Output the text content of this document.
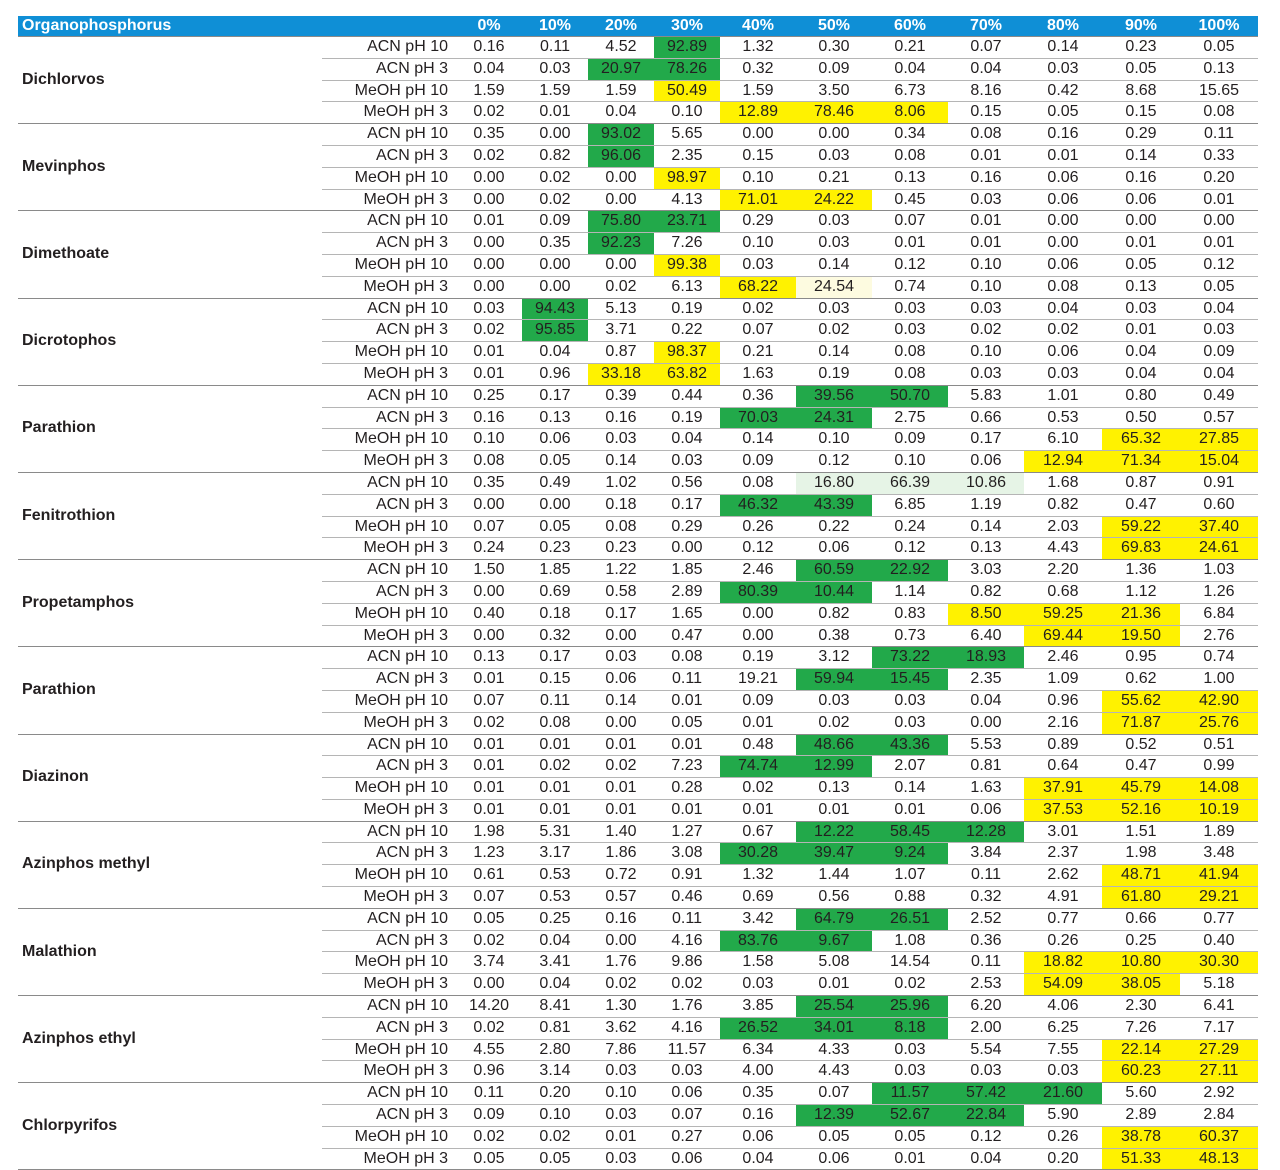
Organophosphorus		0%	10%	20%	30%	40%	50%	60%	70%	80%	90%	100%
Dichlorvos	ACN pH 10	0.16	0.11	4.52	92.89	1.32	0.30	0.21	0.07	0.14	0.23	0.05
	ACN pH 3	0.04	0.03	20.97	78.26	0.32	0.09	0.04	0.04	0.03	0.05	0.13
	MeOH pH 10	1.59	1.59	1.59	50.49	1.59	3.50	6.73	8.16	0.42	8.68	15.65
	MeOH pH 3	0.02	0.01	0.04	0.10	12.89	78.46	8.06	0.15	0.05	0.15	0.08
Mevinphos	ACN pH 10	0.35	0.00	93.02	5.65	0.00	0.00	0.34	0.08	0.16	0.29	0.11
	ACN pH 3	0.02	0.82	96.06	2.35	0.15	0.03	0.08	0.01	0.01	0.14	0.33
	MeOH pH 10	0.00	0.02	0.00	98.97	0.10	0.21	0.13	0.16	0.06	0.16	0.20
	MeOH pH 3	0.00	0.02	0.00	4.13	71.01	24.22	0.45	0.03	0.06	0.06	0.01
Dimethoate	ACN pH 10	0.01	0.09	75.80	23.71	0.29	0.03	0.07	0.01	0.00	0.00	0.00
	ACN pH 3	0.00	0.35	92.23	7.26	0.10	0.03	0.01	0.01	0.00	0.01	0.01
	MeOH pH 10	0.00	0.00	0.00	99.38	0.03	0.14	0.12	0.10	0.06	0.05	0.12
	MeOH pH 3	0.00	0.00	0.02	6.13	68.22	24.54	0.74	0.10	0.08	0.13	0.05
Dicrotophos	ACN pH 10	0.03	94.43	5.13	0.19	0.02	0.03	0.03	0.03	0.04	0.03	0.04
	ACN pH 3	0.02	95.85	3.71	0.22	0.07	0.02	0.03	0.02	0.02	0.01	0.03
	MeOH pH 10	0.01	0.04	0.87	98.37	0.21	0.14	0.08	0.10	0.06	0.04	0.09
	MeOH pH 3	0.01	0.96	33.18	63.82	1.63	0.19	0.08	0.03	0.03	0.04	0.04
Parathion	ACN pH 10	0.25	0.17	0.39	0.44	0.36	39.56	50.70	5.83	1.01	0.80	0.49
	ACN pH 3	0.16	0.13	0.16	0.19	70.03	24.31	2.75	0.66	0.53	0.50	0.57
	MeOH pH 10	0.10	0.06	0.03	0.04	0.14	0.10	0.09	0.17	6.10	65.32	27.85
	MeOH pH 3	0.08	0.05	0.14	0.03	0.09	0.12	0.10	0.06	12.94	71.34	15.04
Fenitrothion	ACN pH 10	0.35	0.49	1.02	0.56	0.08	16.80	66.39	10.86	1.68	0.87	0.91
	ACN pH 3	0.00	0.00	0.18	0.17	46.32	43.39	6.85	1.19	0.82	0.47	0.60
	MeOH pH 10	0.07	0.05	0.08	0.29	0.26	0.22	0.24	0.14	2.03	59.22	37.40
	MeOH pH 3	0.24	0.23	0.23	0.00	0.12	0.06	0.12	0.13	4.43	69.83	24.61
Propetamphos	ACN pH 10	1.50	1.85	1.22	1.85	2.46	60.59	22.92	3.03	2.20	1.36	1.03
	ACN pH 3	0.00	0.69	0.58	2.89	80.39	10.44	1.14	0.82	0.68	1.12	1.26
	MeOH pH 10	0.40	0.18	0.17	1.65	0.00	0.82	0.83	8.50	59.25	21.36	6.84
	MeOH pH 3	0.00	0.32	0.00	0.47	0.00	0.38	0.73	6.40	69.44	19.50	2.76
Parathion	ACN pH 10	0.13	0.17	0.03	0.08	0.19	3.12	73.22	18.93	2.46	0.95	0.74
	ACN pH 3	0.01	0.15	0.06	0.11	19.21	59.94	15.45	2.35	1.09	0.62	1.00
	MeOH pH 10	0.07	0.11	0.14	0.01	0.09	0.03	0.03	0.04	0.96	55.62	42.90
	MeOH pH 3	0.02	0.08	0.00	0.05	0.01	0.02	0.03	0.00	2.16	71.87	25.76
Diazinon	ACN pH 10	0.01	0.01	0.01	0.01	0.48	48.66	43.36	5.53	0.89	0.52	0.51
	ACN pH 3	0.01	0.02	0.02	7.23	74.74	12.99	2.07	0.81	0.64	0.47	0.99
	MeOH pH 10	0.01	0.01	0.01	0.28	0.02	0.13	0.14	1.63	37.91	45.79	14.08
	MeOH pH 3	0.01	0.01	0.01	0.01	0.01	0.01	0.01	0.06	37.53	52.16	10.19
Azinphos methyl	ACN pH 10	1.98	5.31	1.40	1.27	0.67	12.22	58.45	12.28	3.01	1.51	1.89
	ACN pH 3	1.23	3.17	1.86	3.08	30.28	39.47	9.24	3.84	2.37	1.98	3.48
	MeOH pH 10	0.61	0.53	0.72	0.91	1.32	1.44	1.07	0.11	2.62	48.71	41.94
	MeOH pH 3	0.07	0.53	0.57	0.46	0.69	0.56	0.88	0.32	4.91	61.80	29.21
Malathion	ACN pH 10	0.05	0.25	0.16	0.11	3.42	64.79	26.51	2.52	0.77	0.66	0.77
	ACN pH 3	0.02	0.04	0.00	4.16	83.76	9.67	1.08	0.36	0.26	0.25	0.40
	MeOH pH 10	3.74	3.41	1.76	9.86	1.58	5.08	14.54	0.11	18.82	10.80	30.30
	MeOH pH 3	0.00	0.04	0.02	0.02	0.03	0.01	0.02	2.53	54.09	38.05	5.18
Azinphos ethyl	ACN pH 10	14.20	8.41	1.30	1.76	3.85	25.54	25.96	6.20	4.06	2.30	6.41
	ACN pH 3	0.02	0.81	3.62	4.16	26.52	34.01	8.18	2.00	6.25	7.26	7.17
	MeOH pH 10	4.55	2.80	7.86	11.57	6.34	4.33	0.03	5.54	7.55	22.14	27.29
	MeOH pH 3	0.96	3.14	0.03	0.03	4.00	4.43	0.03	0.03	0.03	60.23	27.11
Chlorpyrifos	ACN pH 10	0.11	0.20	0.10	0.06	0.35	0.07	11.57	57.42	21.60	5.60	2.92
	ACN pH 3	0.09	0.10	0.03	0.07	0.16	12.39	52.67	22.84	5.90	2.89	2.84
	MeOH pH 10	0.02	0.02	0.01	0.27	0.06	0.05	0.05	0.12	0.26	38.78	60.37
	MeOH pH 3	0.05	0.05	0.03	0.06	0.04	0.06	0.01	0.04	0.20	51.33	48.13
